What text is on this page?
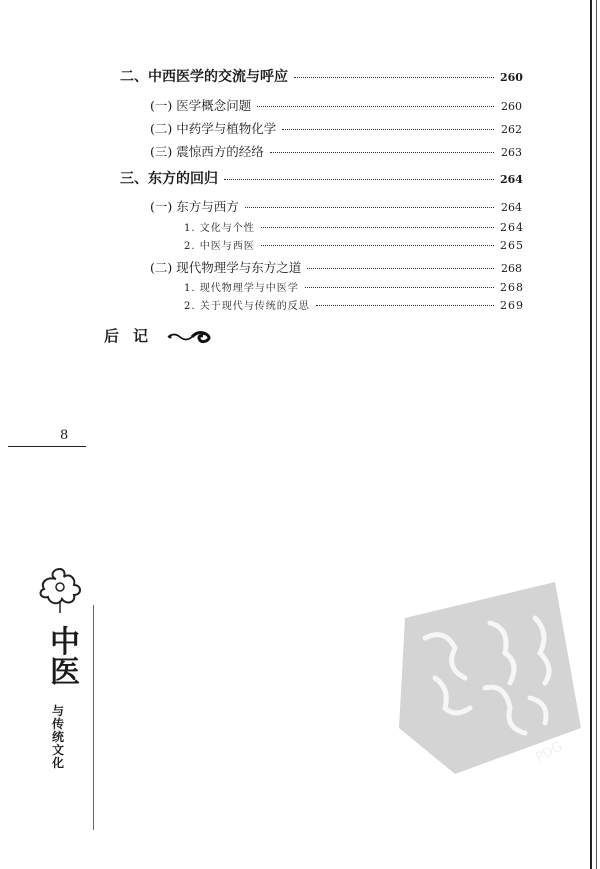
二、中西医学的交流与呼应	260
(一) 医学概念问题	260
(二) 中药学与植物化学	262
(三) 震惊西方的经络	263
三、东方的回归	264
(一) 东方与西方	264
1. 文化与个性	264
2. 中医与西医	265
(二) 现代物理学与东方之道	268
1. 现代物理学与中医学	268
2. 关于现代与传统的反思	269
后记
8
中医
与传统文化	PDG
